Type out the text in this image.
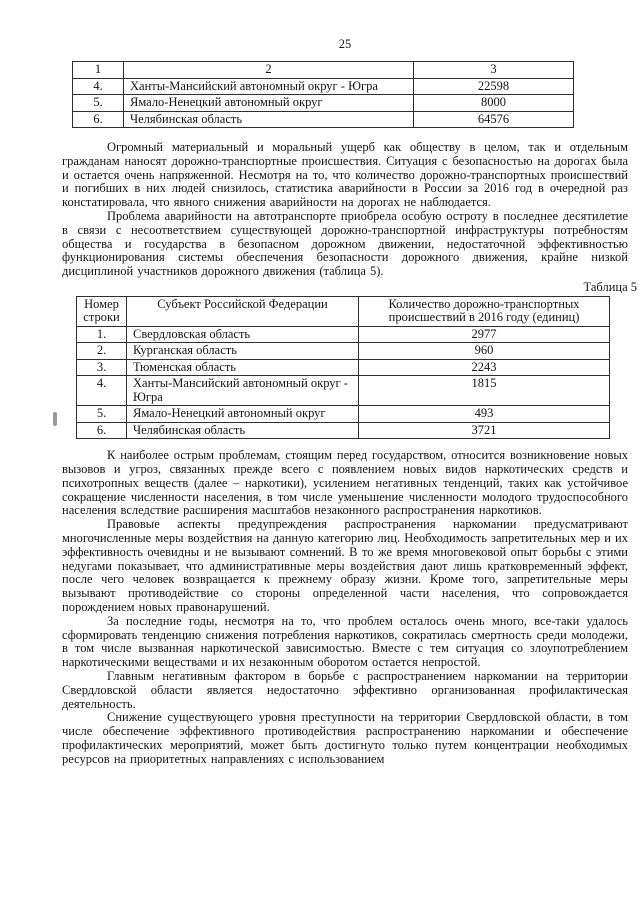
25
1	2	3
4.	Ханты-Мансийский автономный округ - Югра	22598
5.	Ямало-Ненецкий автономный округ	8000
6.	Челябинская область	64576

Огромный материальный и моральный ущерб как обществу в целом, так и отдельным гражданам наносят дорожно-транспортные происшествия. Ситуация с безопасностью на дорогах была и остается очень напряженной. Несмотря на то, что количество дорожно-транспортных происшествий и погибших в них людей снизилось, статистика аварийности в России за 2016 год в очередной раз констатировала, что явного снижения аварийности на дорогах не наблюдается.

Проблема аварийности на автотранспорте приобрела особую остроту в последнее десятилетие в связи с несоответствием существующей дорожно-транспортной инфраструктуры потребностям общества и государства в безопасном дорожном движении, недостаточной эффективностью функционирования системы обеспечения безопасности дорожного движения, крайне низкой дисциплиной участников дорожного движения (таблица 5).

Таблица 5
Номер строки	Субъект Российской Федерации	Количество дорожно-транспортных происшествий в 2016 году (единиц)
1.	Свердловская область	2977
2.	Курганская область	960
3.	Тюменская область	2243
4.	Ханты-Мансийский автономный округ - Югра	1815
5.	Ямало-Ненецкий автономный округ	493
6.	Челябинская область	3721

К наиболее острым проблемам, стоящим перед государством, относится возникновение новых вызовов и угроз, связанных прежде всего с появлением новых видов наркотических средств и психотропных веществ (далее – наркотики), усилением негативных тенденций, таких как устойчивое сокращение численности населения, в том числе уменьшение численности молодого трудоспособного населения вследствие расширения масштабов незаконного распространения наркотиков.

Правовые аспекты предупреждения распространения наркомании предусматривают многочисленные меры воздействия на данную категорию лиц. Необходимость запретительных мер и их эффективность очевидны и не вызывают сомнений. В то же время многовековой опыт борьбы с этими недугами показывает, что административные меры воздействия дают лишь кратковременный эффект, после чего человек возвращается к прежнему образу жизни. Кроме того, запретительные меры вызывают противодействие со стороны определенной части населения, что сопровождается порождением новых правонарушений.

За последние годы, несмотря на то, что проблем осталось очень много, все-таки удалось сформировать тенденцию снижения потребления наркотиков, сократилась смертность среди молодежи, в том числе вызванная наркотической зависимостью. Вместе с тем ситуация со злоупотреблением наркотическими веществами и их незаконным оборотом остается непростой.

Главным негативным фактором в борьбе с распространением наркомании на территории Свердловской области является недостаточно эффективно организованная профилактическая деятельность.

Снижение существующего уровня преступности на территории Свердловской области, в том числе обеспечение эффективного противодействия распространению наркомании и обеспечение профилактических мероприятий, может быть достигнуто только путем концентрации необходимых ресурсов на приоритетных направлениях с использованием
